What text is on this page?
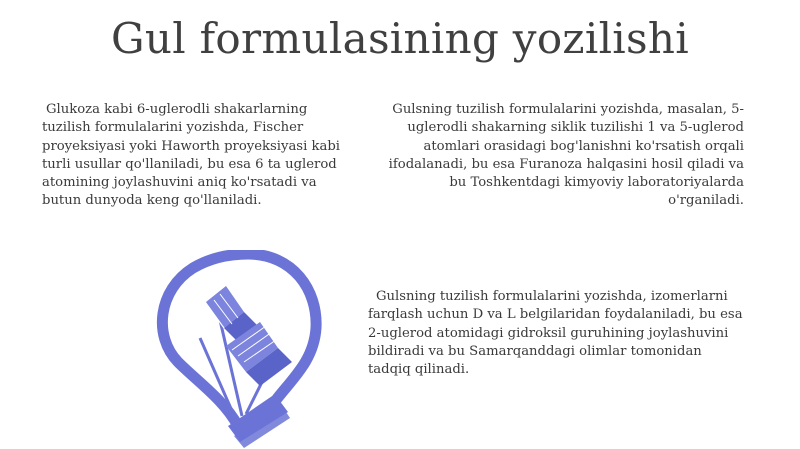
Gul formulasining yozilishi
Glukoza kabi 6-uglerodli shakarlarning tuzilish formulalarini yozishda, Fischer proyeksiyasi yoki Haworth proyeksiyasi kabi turli usullar qo'llaniladi, bu esa 6 ta uglerod atomining joylashuvini aniq ko'rsatadi va butun dunyoda keng qo'llaniladi.
Gulsning tuzilish formulalarini yozishda, masalan, 5-uglerodli shakarning siklik tuzilishi 1 va 5-uglerod atomlari orasidagi bog'lanishni ko'rsatish orqali ifodalanadi, bu esa Furanoza halqasini hosil qiladi va bu Toshkentdagi kimyoviy laboratoriyalarda o'rganiladi.
Gulsning tuzilish formulalarini yozishda, izomerlarni farqlash uchun D va L belgilaridan foydalaniladi, bu esa 2-uglerod atomidagi gidroksil guruhining joylashuvini bildiradi va bu Samarqanddagi olimlar tomonidan tadqiq qilinadi.
